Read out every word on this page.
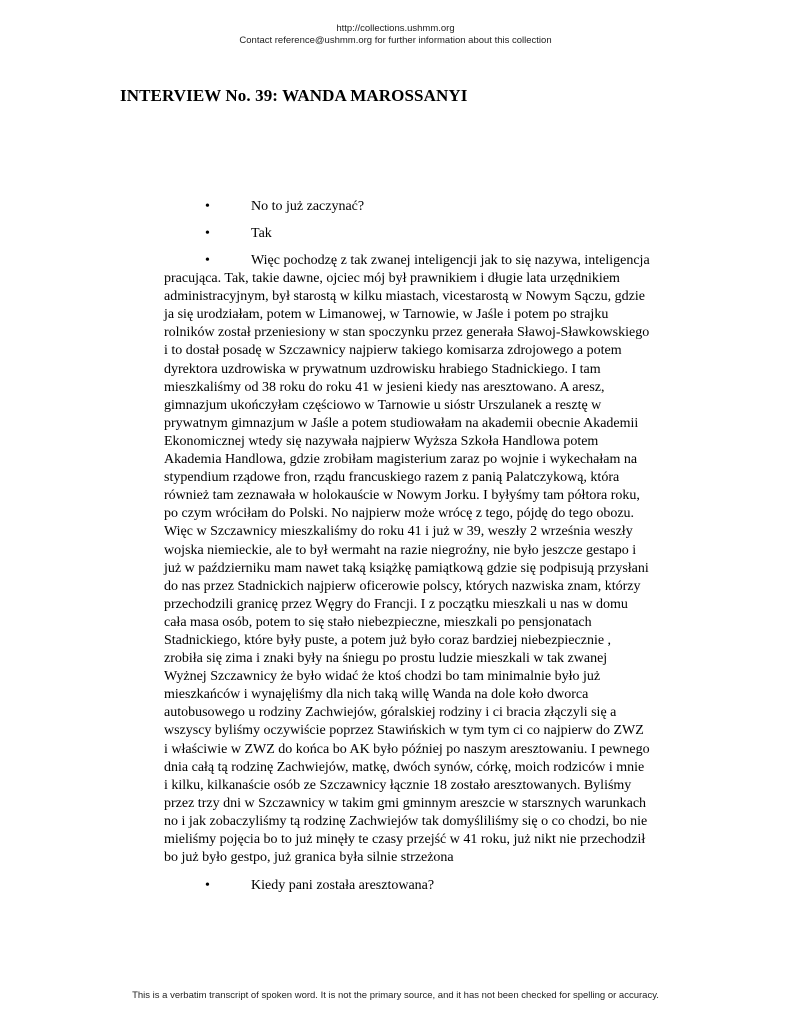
http://collections.ushmm.org
Contact reference@ushmm.org for further information about this collection
INTERVIEW No. 39: WANDA MAROSSANYI
•	No to już zaczynać?
•	Tak
•	Więc pochodzę z tak zwanej inteligencji jak to się nazywa, inteligencja
pracująca. Tak, takie dawne, ojciec mój był prawnikiem i długie lata urzędnikiem
administracyjnym, był starostą w kilku miastach, vicestarostą w Nowym Sączu, gdzie
ja się urodziałam, potem w Limanowej, w Tarnowie, w Jaśle i potem po strajku
rolników został przeniesiony w stan spoczynku przez generała Sławoj-Sławkowskiego
i to dostał posadę w Szczawnicy najpierw takiego komisarza zdrojowego a potem
dyrektora uzdrowiska w prywatnum uzdrowisku hrabiego Stadnickiego. I tam
mieszkaliśmy od 38 roku do roku 41 w jesieni kiedy nas aresztowano. A aresz,
gimnazjum ukończyłam częściowo w Tarnowie u sióstr Urszulanek a resztę w
prywatnym gimnazjum w Jaśle a potem studiowałam na akademii obecnie Akademii
Ekonomicznej wtedy się nazywała najpierw Wyższa Szkoła Handlowa potem
Akademia Handlowa, gdzie zrobiłam magisterium zaraz po wojnie i wykechałam na
stypendium rządowe fron, rządu francuskiego razem z panią Palatczykową, która
również tam zeznawała w holokauście w Nowym Jorku. I byłyśmy tam półtora roku,
po czym wróciłam do Polski. No najpierw może wrócę z tego, pójdę do tego obozu.
Więc w Szczawnicy mieszkaliśmy do roku 41 i już w 39, weszły 2 września weszły
wojska niemieckie, ale to był wermaht na razie niegroźny, nie było jeszcze gestapo i
już w październiku mam nawet taką książkę pamiątkową gdzie się podpisują przysłani
do nas przez Stadnickich najpierw oficerowie polscy, których nazwiska znam, którzy
przechodzili granicę przez Węgry do Francji. I z początku mieszkali u nas w domu
cała masa osób, potem to się stało niebezpieczne, mieszkali po pensjonatach
Stadnickiego, które były puste, a potem już było coraz bardziej niebezpiecznie ,
zrobiła się zima i znaki były na śniegu po prostu ludzie mieszkali w tak zwanej
Wyżnej Szczawnicy że było widać że ktoś chodzi bo tam minimalnie było już
mieszkańców i wynajęliśmy dla nich taką willę Wanda na dole koło dworca
autobusowego u rodziny Zachwiejów, góralskiej rodziny i ci bracia złączyli się a
wszyscy byliśmy oczywiście poprzez Stawińskich w tym tym ci co najpierw do ZWZ
i właściwie w ZWZ do końca bo AK było później po naszym aresztowaniu. I pewnego
dnia całą tą rodzinę Zachwiejów, matkę, dwóch synów, córkę, moich rodziców i mnie
i kilku, kilkanaście osób ze Szczawnicy łącznie 18 zostało aresztowanych. Byliśmy
przez trzy dni w Szczawnicy w takim gmi gminnym areszcie w starsznych warunkach
no i jak zobaczyliśmy tą rodzinę Zachwiejów tak domyśliliśmy się o co chodzi, bo nie
mieliśmy pojęcia bo to już minęły te czasy przejść w 41 roku, już nikt nie przechodził
bo już było gestpo, już granica była silnie strzeżona
•	Kiedy pani została aresztowana?
This is a verbatim transcript of spoken word. It is not the primary source, and it has not been checked for spelling or accuracy.
